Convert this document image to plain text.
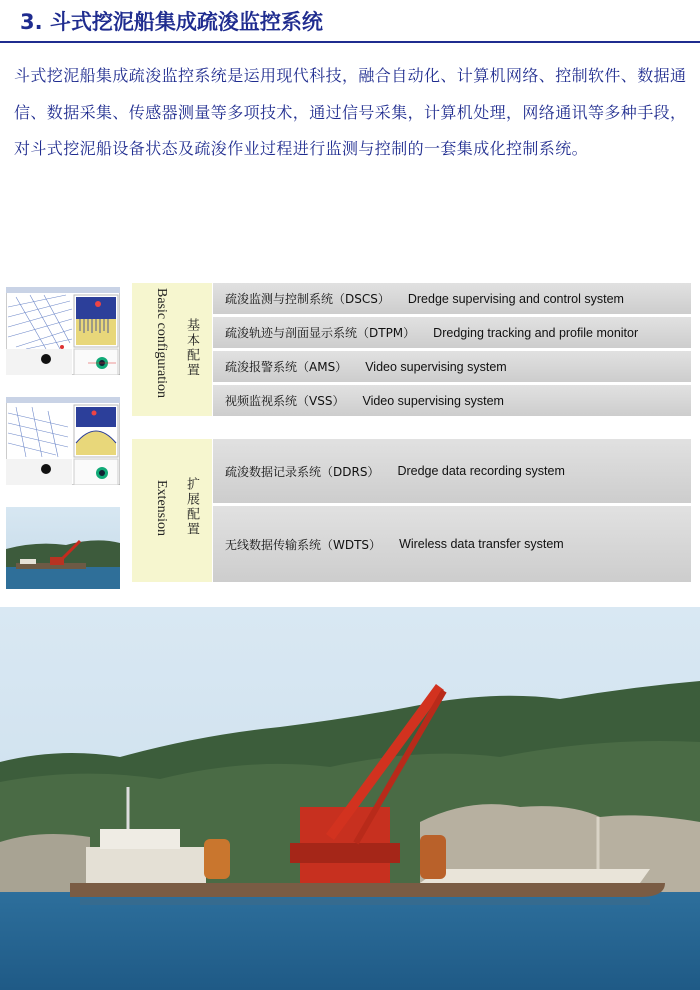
3. 斗式挖泥船集成疏浚监控系统
斗式挖泥船集成疏浚监控系统是运用现代科技，融合自动化、计算机网络、控制软件、数据通信、数据采集、传感器测量等多项技术，通过信号采集，计算机处理，网络通讯等多种手段，对斗式挖泥船设备状态及疏浚作业过程进行监测与控制的一套集成化控制系统。
Basic configuration 基本配置
疏浚监测与控制系统（DSCS） Dredge supervising and control system
疏浚轨迹与剖面显示系统（DTPM） Dredging tracking and profile monitor
疏浚报警系统（AMS） Video supervising system
视频监视系统（VSS） Video supervising system
Extension 扩展配置
疏浚数据记录系统（DDRS） Dredge data recording system
无线数据传输系统（WDTS） Wireless data transfer system
